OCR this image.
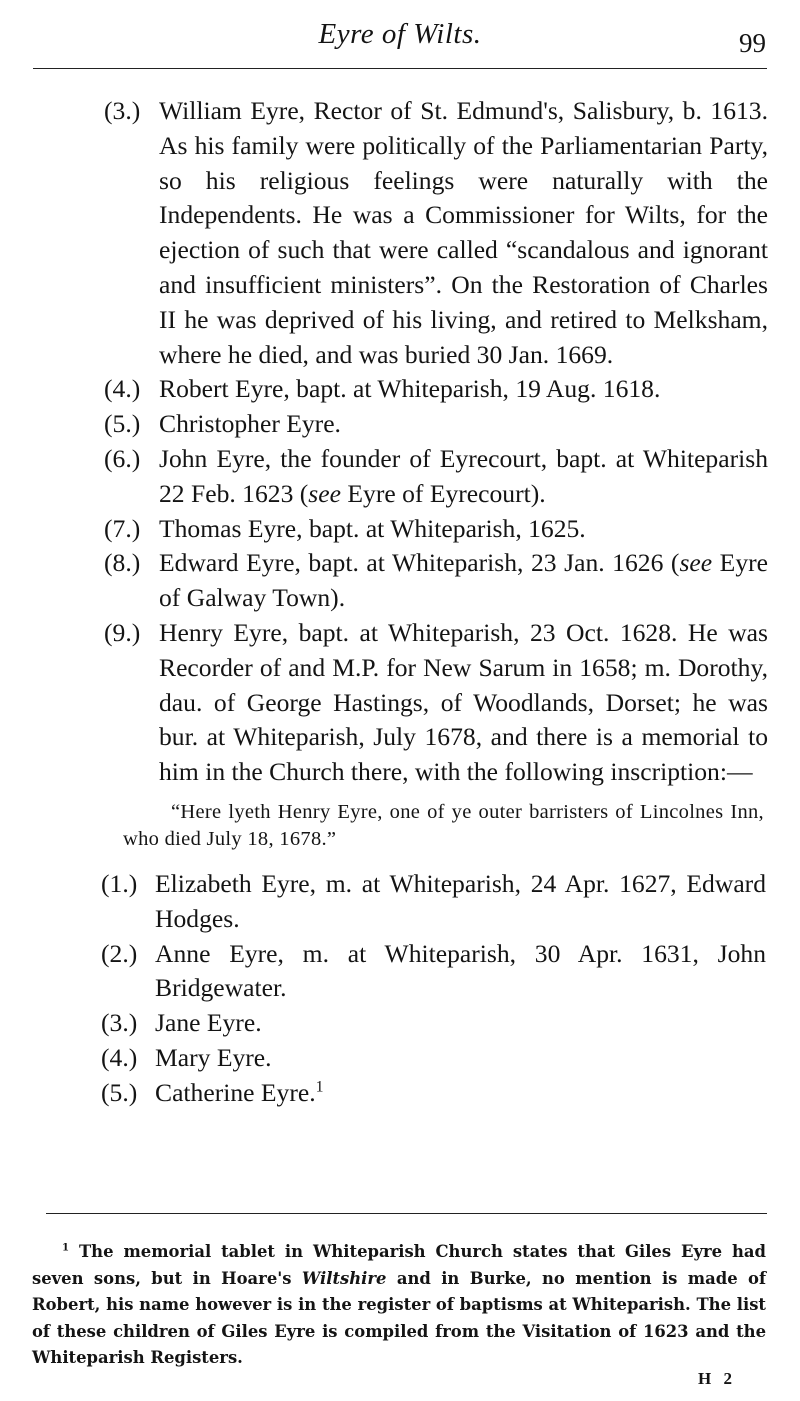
Eyre of Wilts.	99
(3.) William Eyre, Rector of St. Edmund's, Salisbury, b. 1613. As his family were politically of the Parliamentarian Party, so his religious feelings were naturally with the Independents. He was a Commissioner for Wilts, for the ejection of such that were called “scandalous and ignorant and insufficient ministers”. On the Restoration of Charles II he was deprived of his living, and retired to Melksham, where he died, and was buried 30 Jan. 1669.
(4.) Robert Eyre, bapt. at Whiteparish, 19 Aug. 1618.
(5.) Christopher Eyre.
(6.) John Eyre, the founder of Eyrecourt, bapt. at Whiteparish 22 Feb. 1623 (see Eyre of Eyrecourt).
(7.) Thomas Eyre, bapt. at Whiteparish, 1625.
(8.) Edward Eyre, bapt. at Whiteparish, 23 Jan. 1626 (see Eyre of Galway Town).
(9.) Henry Eyre, bapt. at Whiteparish, 23 Oct. 1628. He was Recorder of and M.P. for New Sarum in 1658; m. Dorothy, dau. of George Hastings, of Woodlands, Dorset; he was bur. at Whiteparish, July 1678, and there is a memorial to him in the Church there, with the following inscription:—

“Here lyeth Henry Eyre, one of ye outer barristers of Lincolnes Inn, who died July 18, 1678.”

(1.) Elizabeth Eyre, m. at Whiteparish, 24 Apr. 1627, Edward Hodges.
(2.) Anne Eyre, m. at Whiteparish, 30 Apr. 1631, John Bridgewater.
(3.) Jane Eyre.
(4.) Mary Eyre.
(5.) Catherine Eyre.$^1$

$^1$ The memorial tablet in Whiteparish Church states that Giles Eyre had seven sons, but in Hoare's Wiltshire and in Burke, no mention is made of Robert, his name however is in the register of baptisms at Whiteparish. The list of these children of Giles Eyre is compiled from the Visitation of 1623 and the Whiteparish Registers.

H 2
